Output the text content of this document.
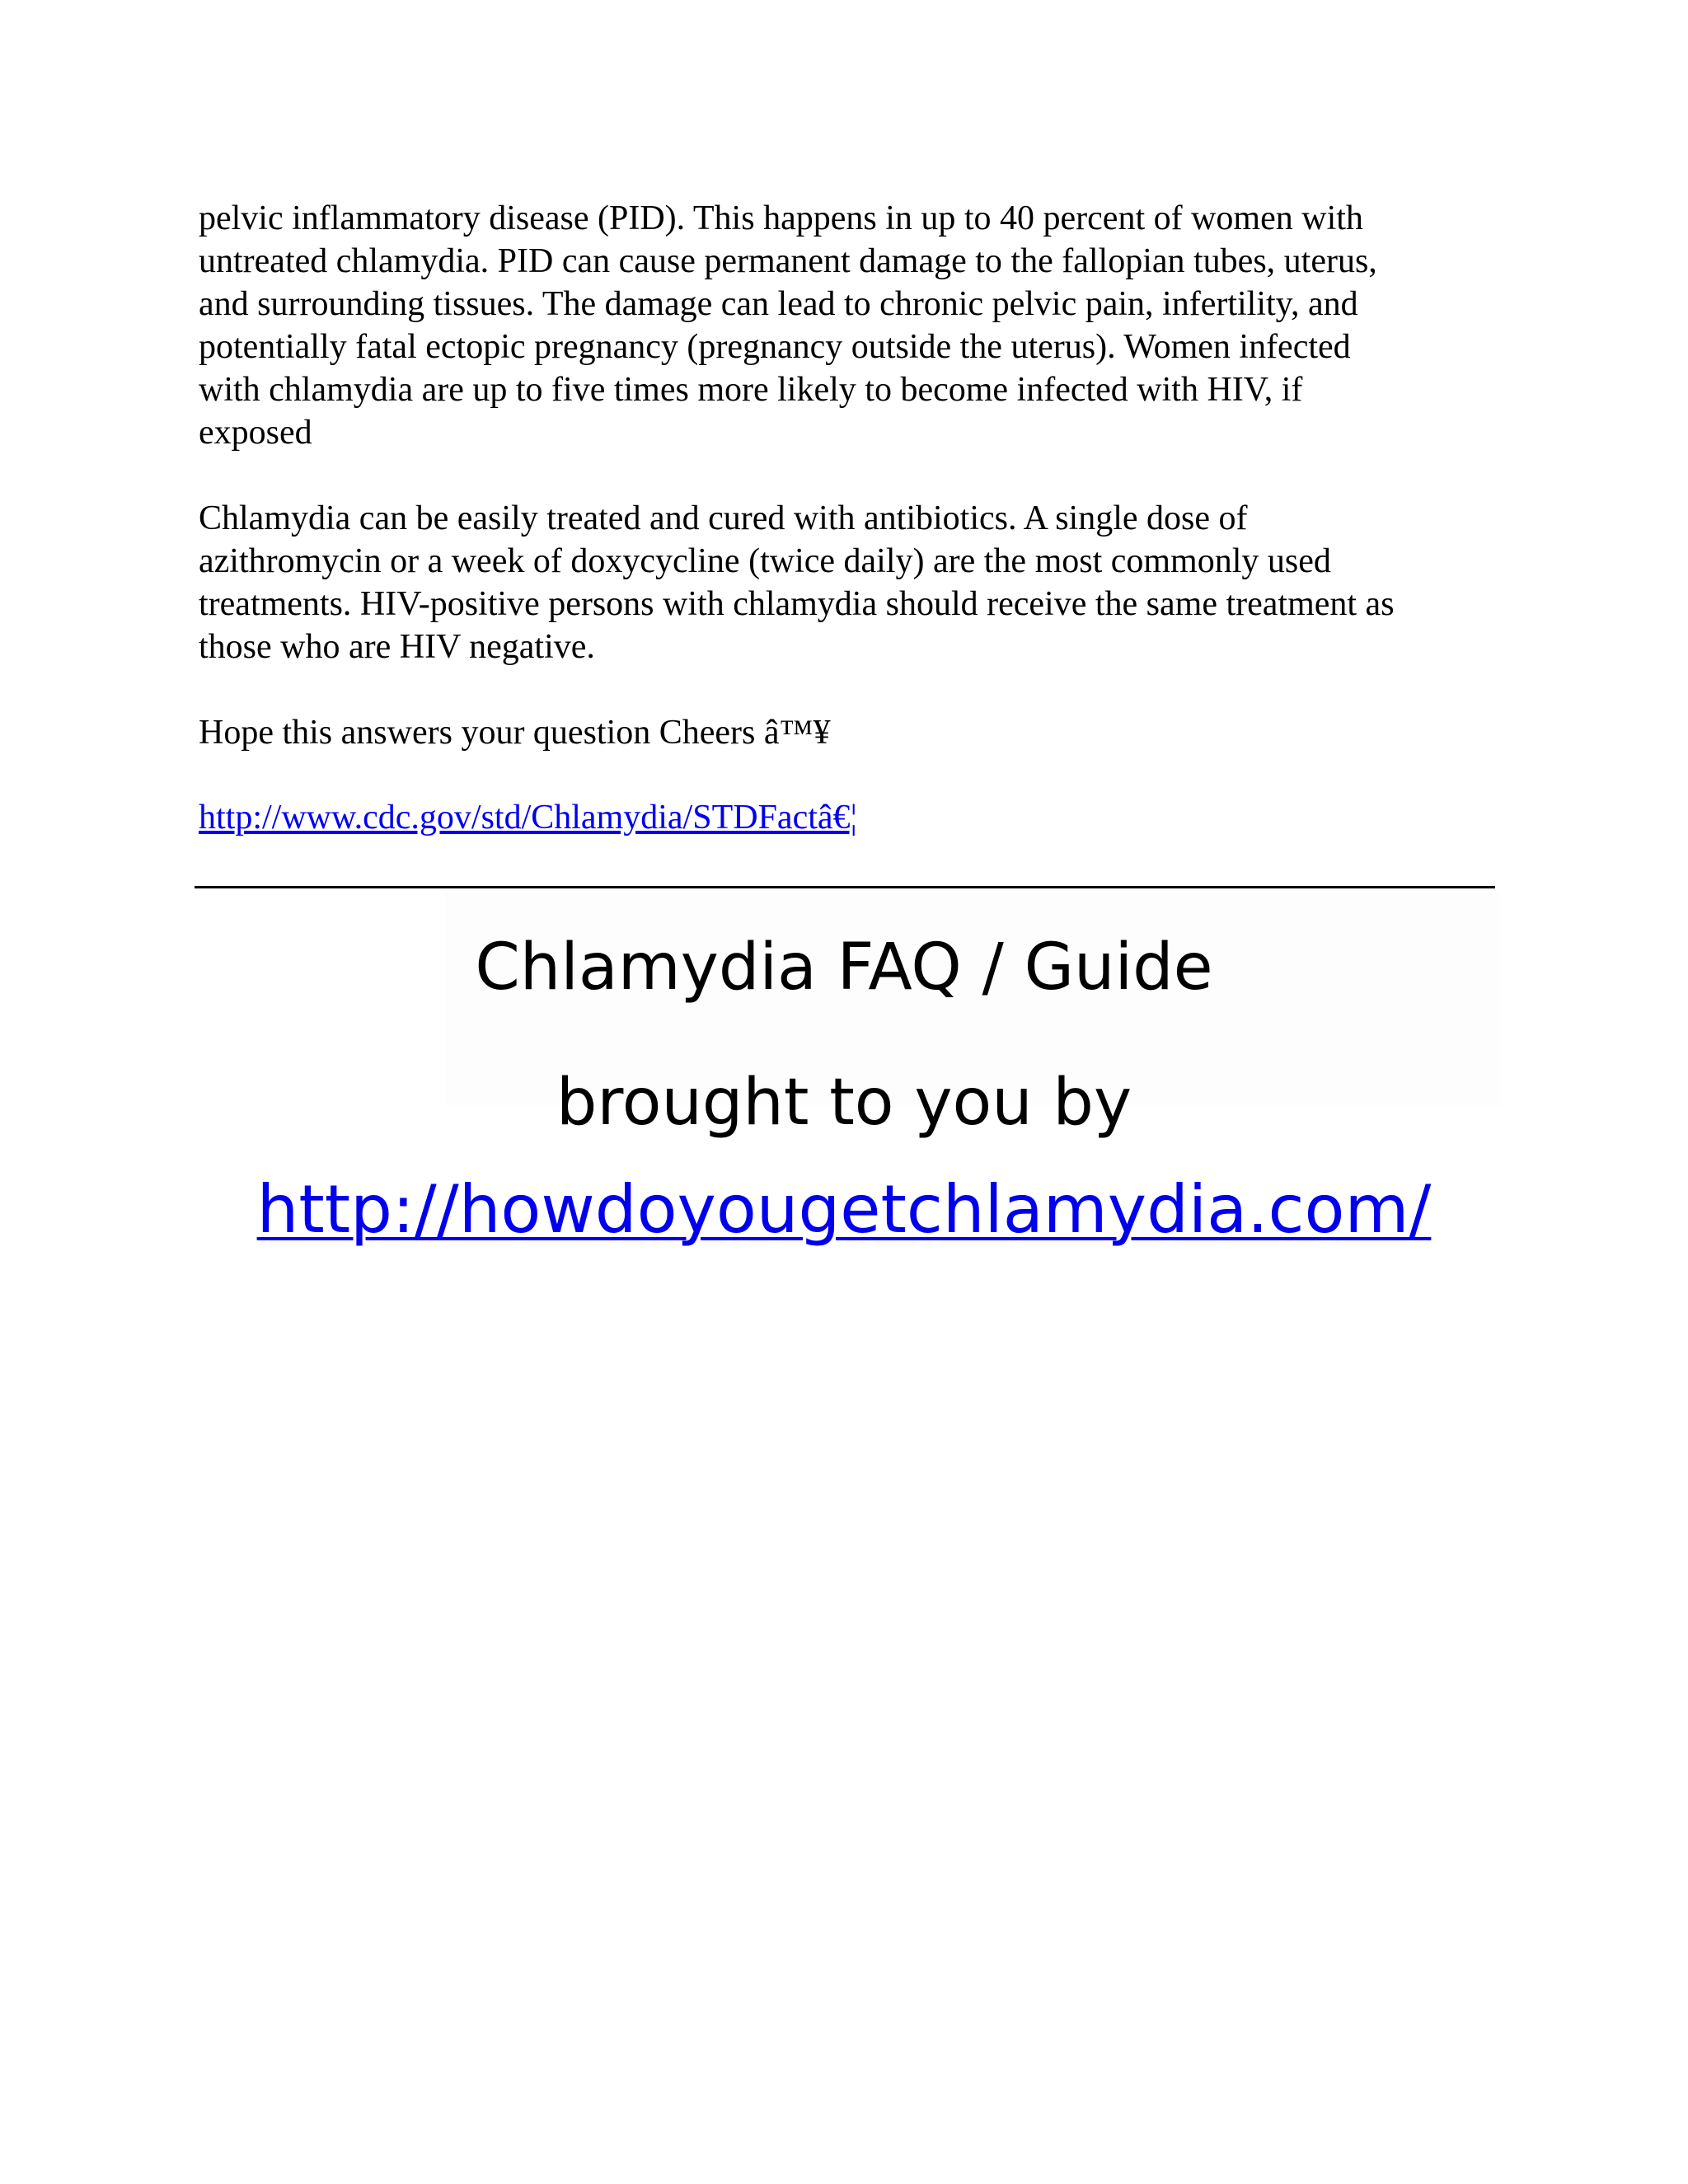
pelvic inflammatory disease (PID). This happens in up to 40 percent of women with
untreated chlamydia. PID can cause permanent damage to the fallopian tubes, uterus,
and surrounding tissues. The damage can lead to chronic pelvic pain, infertility, and
potentially fatal ectopic pregnancy (pregnancy outside the uterus). Women infected
with chlamydia are up to five times more likely to become infected with HIV, if
exposed
Chlamydia can be easily treated and cured with antibiotics. A single dose of
azithromycin or a week of doxycycline (twice daily) are the most commonly used
treatments. HIV-positive persons with chlamydia should receive the same treatment as
those who are HIV negative.
Hope this answers your question Cheers â™¥
http://www.cdc.gov/std/Chlamydia/STDFactâ€¦
Chlamydia FAQ / Guide
brought to you by
http://howdoyougetchlamydia.com/
